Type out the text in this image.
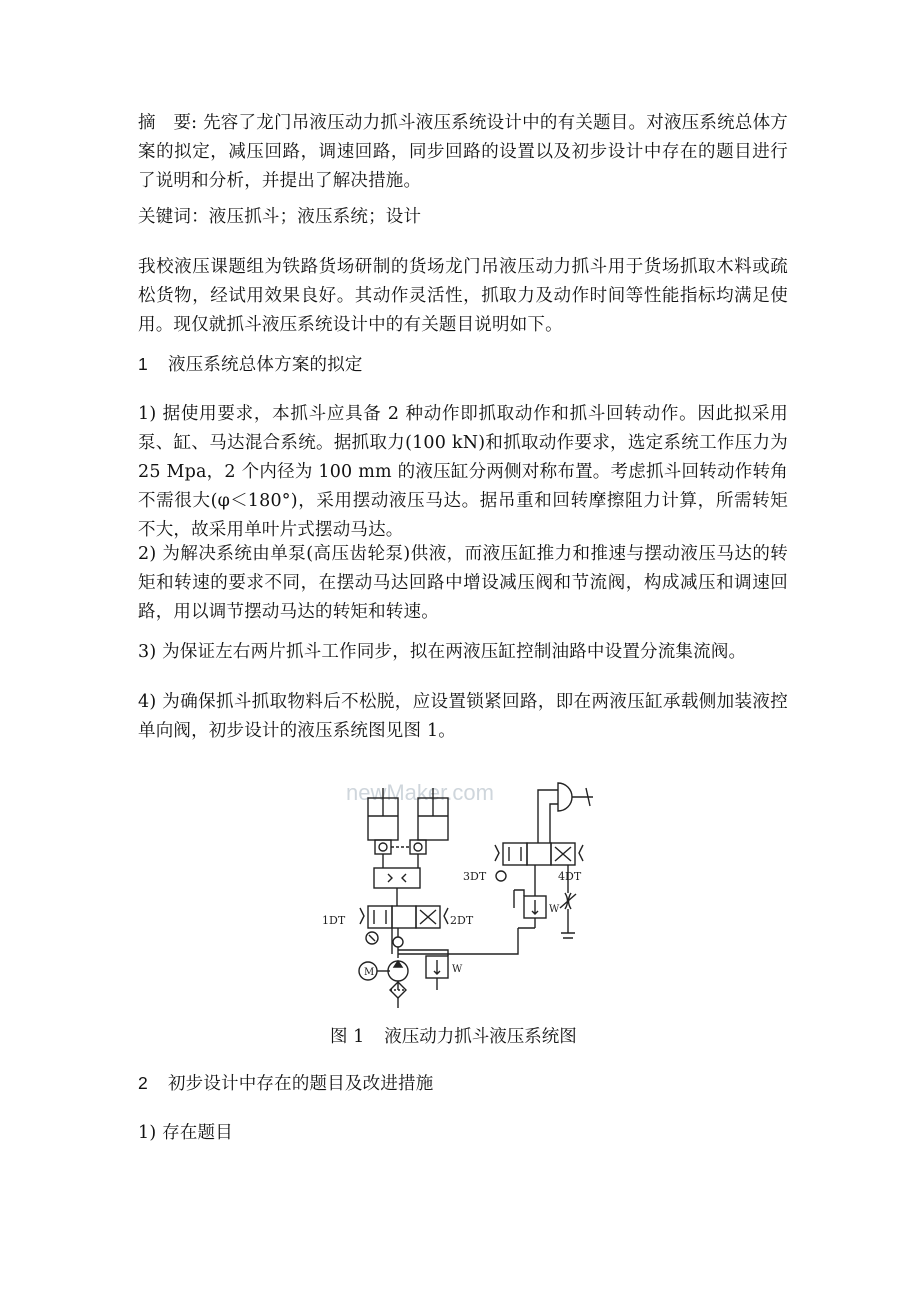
摘　要: 先容了龙门吊液压动力抓斗液压系统设计中的有关题目。对液压系统总体方案的拟定，减压回路，调速回路，同步回路的设置以及初步设计中存在的题目进行了说明和分析，并提出了解决措施。

关键词：液压抓斗；液压系统；设计

我校液压课题组为铁路货场研制的货场龙门吊液压动力抓斗用于货场抓取木料或疏松货物，经试用效果良好。其动作灵活性，抓取力及动作时间等性能指标均满足使用。现仅就抓斗液压系统设计中的有关题目说明如下。

1 液压系统总体方案的拟定

1) 据使用要求，本抓斗应具备 2 种动作即抓取动作和抓斗回转动作。因此拟采用泵、缸、马达混合系统。据抓取力(100 kN)和抓取动作要求，选定系统工作压力为 25 Mpa，2 个内径为 100 mm 的液压缸分两侧对称布置。考虑抓斗回转动作转角不需很大(φ＜180°)，采用摆动液压马达。据吊重和回转摩擦阻力计算，所需转矩不大，故采用单叶片式摆动马达。

2) 为解决系统由单泵(高压齿轮泵)供液，而液压缸推力和推速与摆动液压马达的转矩和转速的要求不同，在摆动马达回路中增设减压阀和节流阀，构成减压和调速回路，用以调节摆动马达的转矩和转速。

3) 为保证左右两片抓斗工作同步，拟在两液压缸控制油路中设置分流集流阀。

4) 为确保抓斗抓取物料后不松脱，应设置锁紧回路，即在两液压缸承载侧加装液控单向阀，初步设计的液压系统图见图 1。

newMaker.com
1DT	2DT
M	W
3DT	4DT
W
图 1 液压动力抓斗液压系统图

2 初步设计中存在的题目及改进措施

1) 存在题目
